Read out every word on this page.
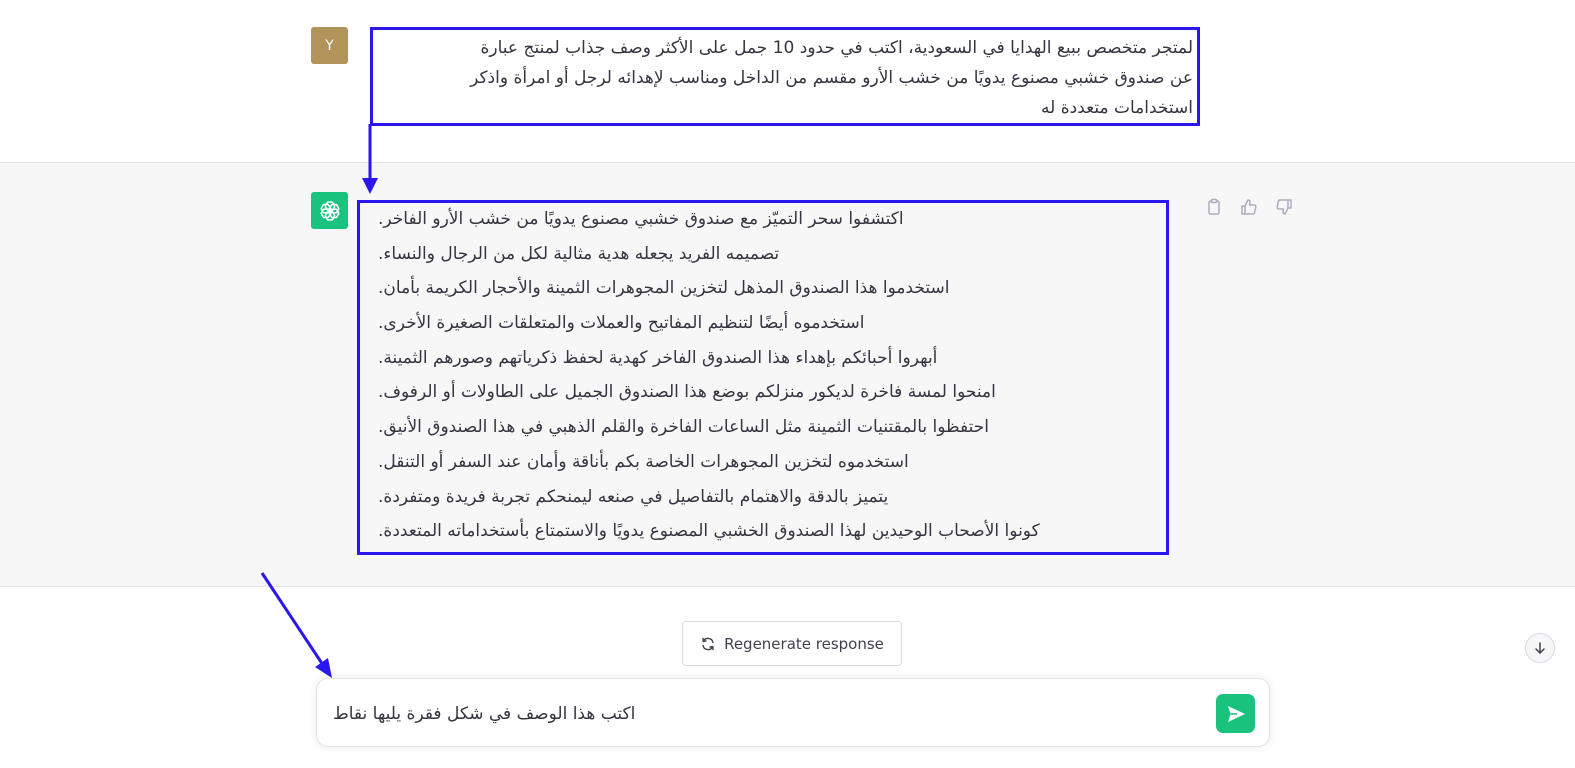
Y	لمتجر متخصص ببيع الهدايا في السعودية، اكتب في حدود 10 جمل على الأكثر وصف جذاب لمنتج عبارة
عن صندوق خشبي مصنوع يدويًا من خشب الأرو مقسم من الداخل ومناسب لإهدائه لرجل أو امرأة واذكر
استخدامات متعددة له
.اكتشفوا سحر التميّز مع صندوق خشبي مصنوع يدويًا من خشب الأرو الفاخر
.تصميمه الفريد يجعله هدية مثالية لكل من الرجال والنساء
.استخدموا هذا الصندوق المذهل لتخزين المجوهرات الثمينة والأحجار الكريمة بأمان
.استخدموه أيضًا لتنظيم المفاتيح والعملات والمتعلقات الصغيرة الأخرى
.أبهروا أحبائكم بإهداء هذا الصندوق الفاخر كهدية لحفظ ذكرياتهم وصورهم الثمينة
.امنحوا لمسة فاخرة لديكور منزلكم بوضع هذا الصندوق الجميل على الطاولات أو الرفوف
.احتفظوا بالمقتنيات الثمينة مثل الساعات الفاخرة والقلم الذهبي في هذا الصندوق الأنيق
.استخدموه لتخزين المجوهرات الخاصة بكم بأناقة وأمان عند السفر أو التنقل
.يتميز بالدقة والاهتمام بالتفاصيل في صنعه ليمنحكم تجربة فريدة ومتفردة
.كونوا الأصحاب الوحيدين لهذا الصندوق الخشبي المصنوع يدويًا والاستمتاع بأستخداماته المتعددة
Regenerate response
اكتب هذا الوصف في شكل فقرة يليها نقاط
